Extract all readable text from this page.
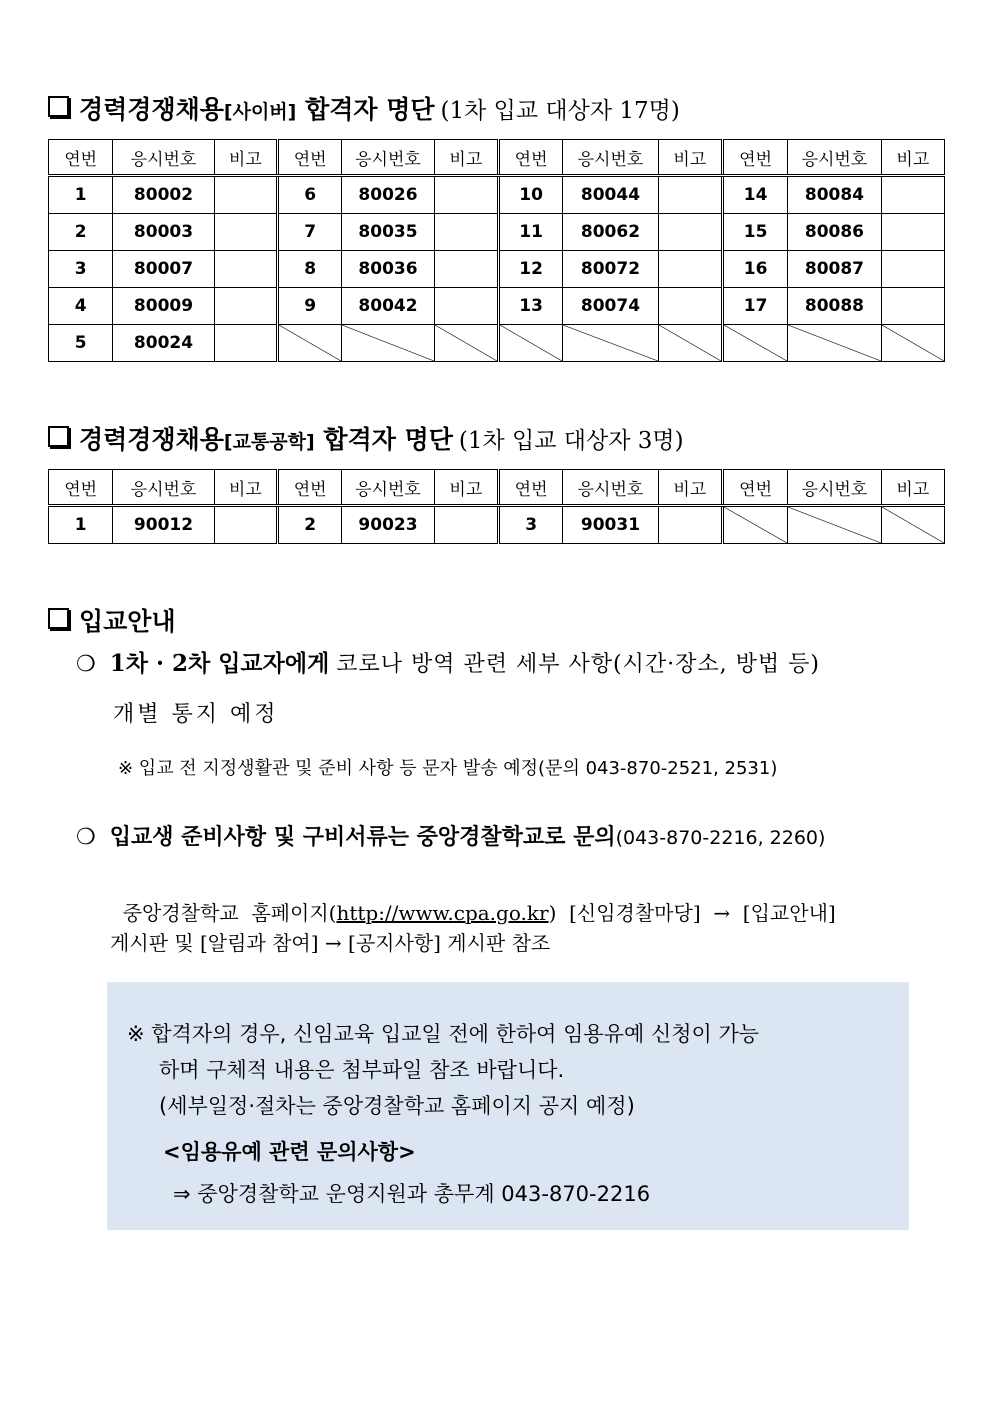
경력경쟁채용[사이버] 합격자 명단 (1차 입교 대상자 17명)
연번	응시번호	비고	연번	응시번호	비고	연번	응시번호	비고	연번	응시번호	비고
1	80002		6	80026		10	80044		14	80084	
2	80003		7	80035		11	80062		15	80086	
3	80007		8	80036		12	80072		16	80087	
4	80009		9	80042		13	80074		17	80088	
5	80024										
경력경쟁채용[교통공학] 합격자 명단 (1차 입교 대상자 3명)
연번	응시번호	비고	연번	응시번호	비고	연번	응시번호	비고	연번	응시번호	비고
1	90012		2	90023		3	90031				
입교안내
❍ 1차 · 2차 입교자에게 코로나 방역 관련 세부 사항(시간·장소, 방법 등)
개별 통지 예정
※ 입교 전 지정생활관 및 준비 사항 등 문자 발송 예정(문의 043-870-2521, 2531)
❍ 입교생 준비사항 및 구비서류는 중앙경찰학교로 문의(043-870-2216, 2260)

중앙경찰학교  홈페이지(http://www.cpa.go.kr)  [신임경찰마당]  →  [입교안내]

게시판 및 [알림과 참여] → [공지사항] 게시판 참조
※ 합격자의 경우, 신임교육 입교일 전에 한하여 임용유예 신청이 가능
하며 구체적 내용은 첨부파일 참조 바랍니다.
(세부일정·절차는 중앙경찰학교 홈페이지 공지 예정)
<임용유예 관련 문의사항>
⇒ 중앙경찰학교 운영지원과 총무계 043-870-2216
